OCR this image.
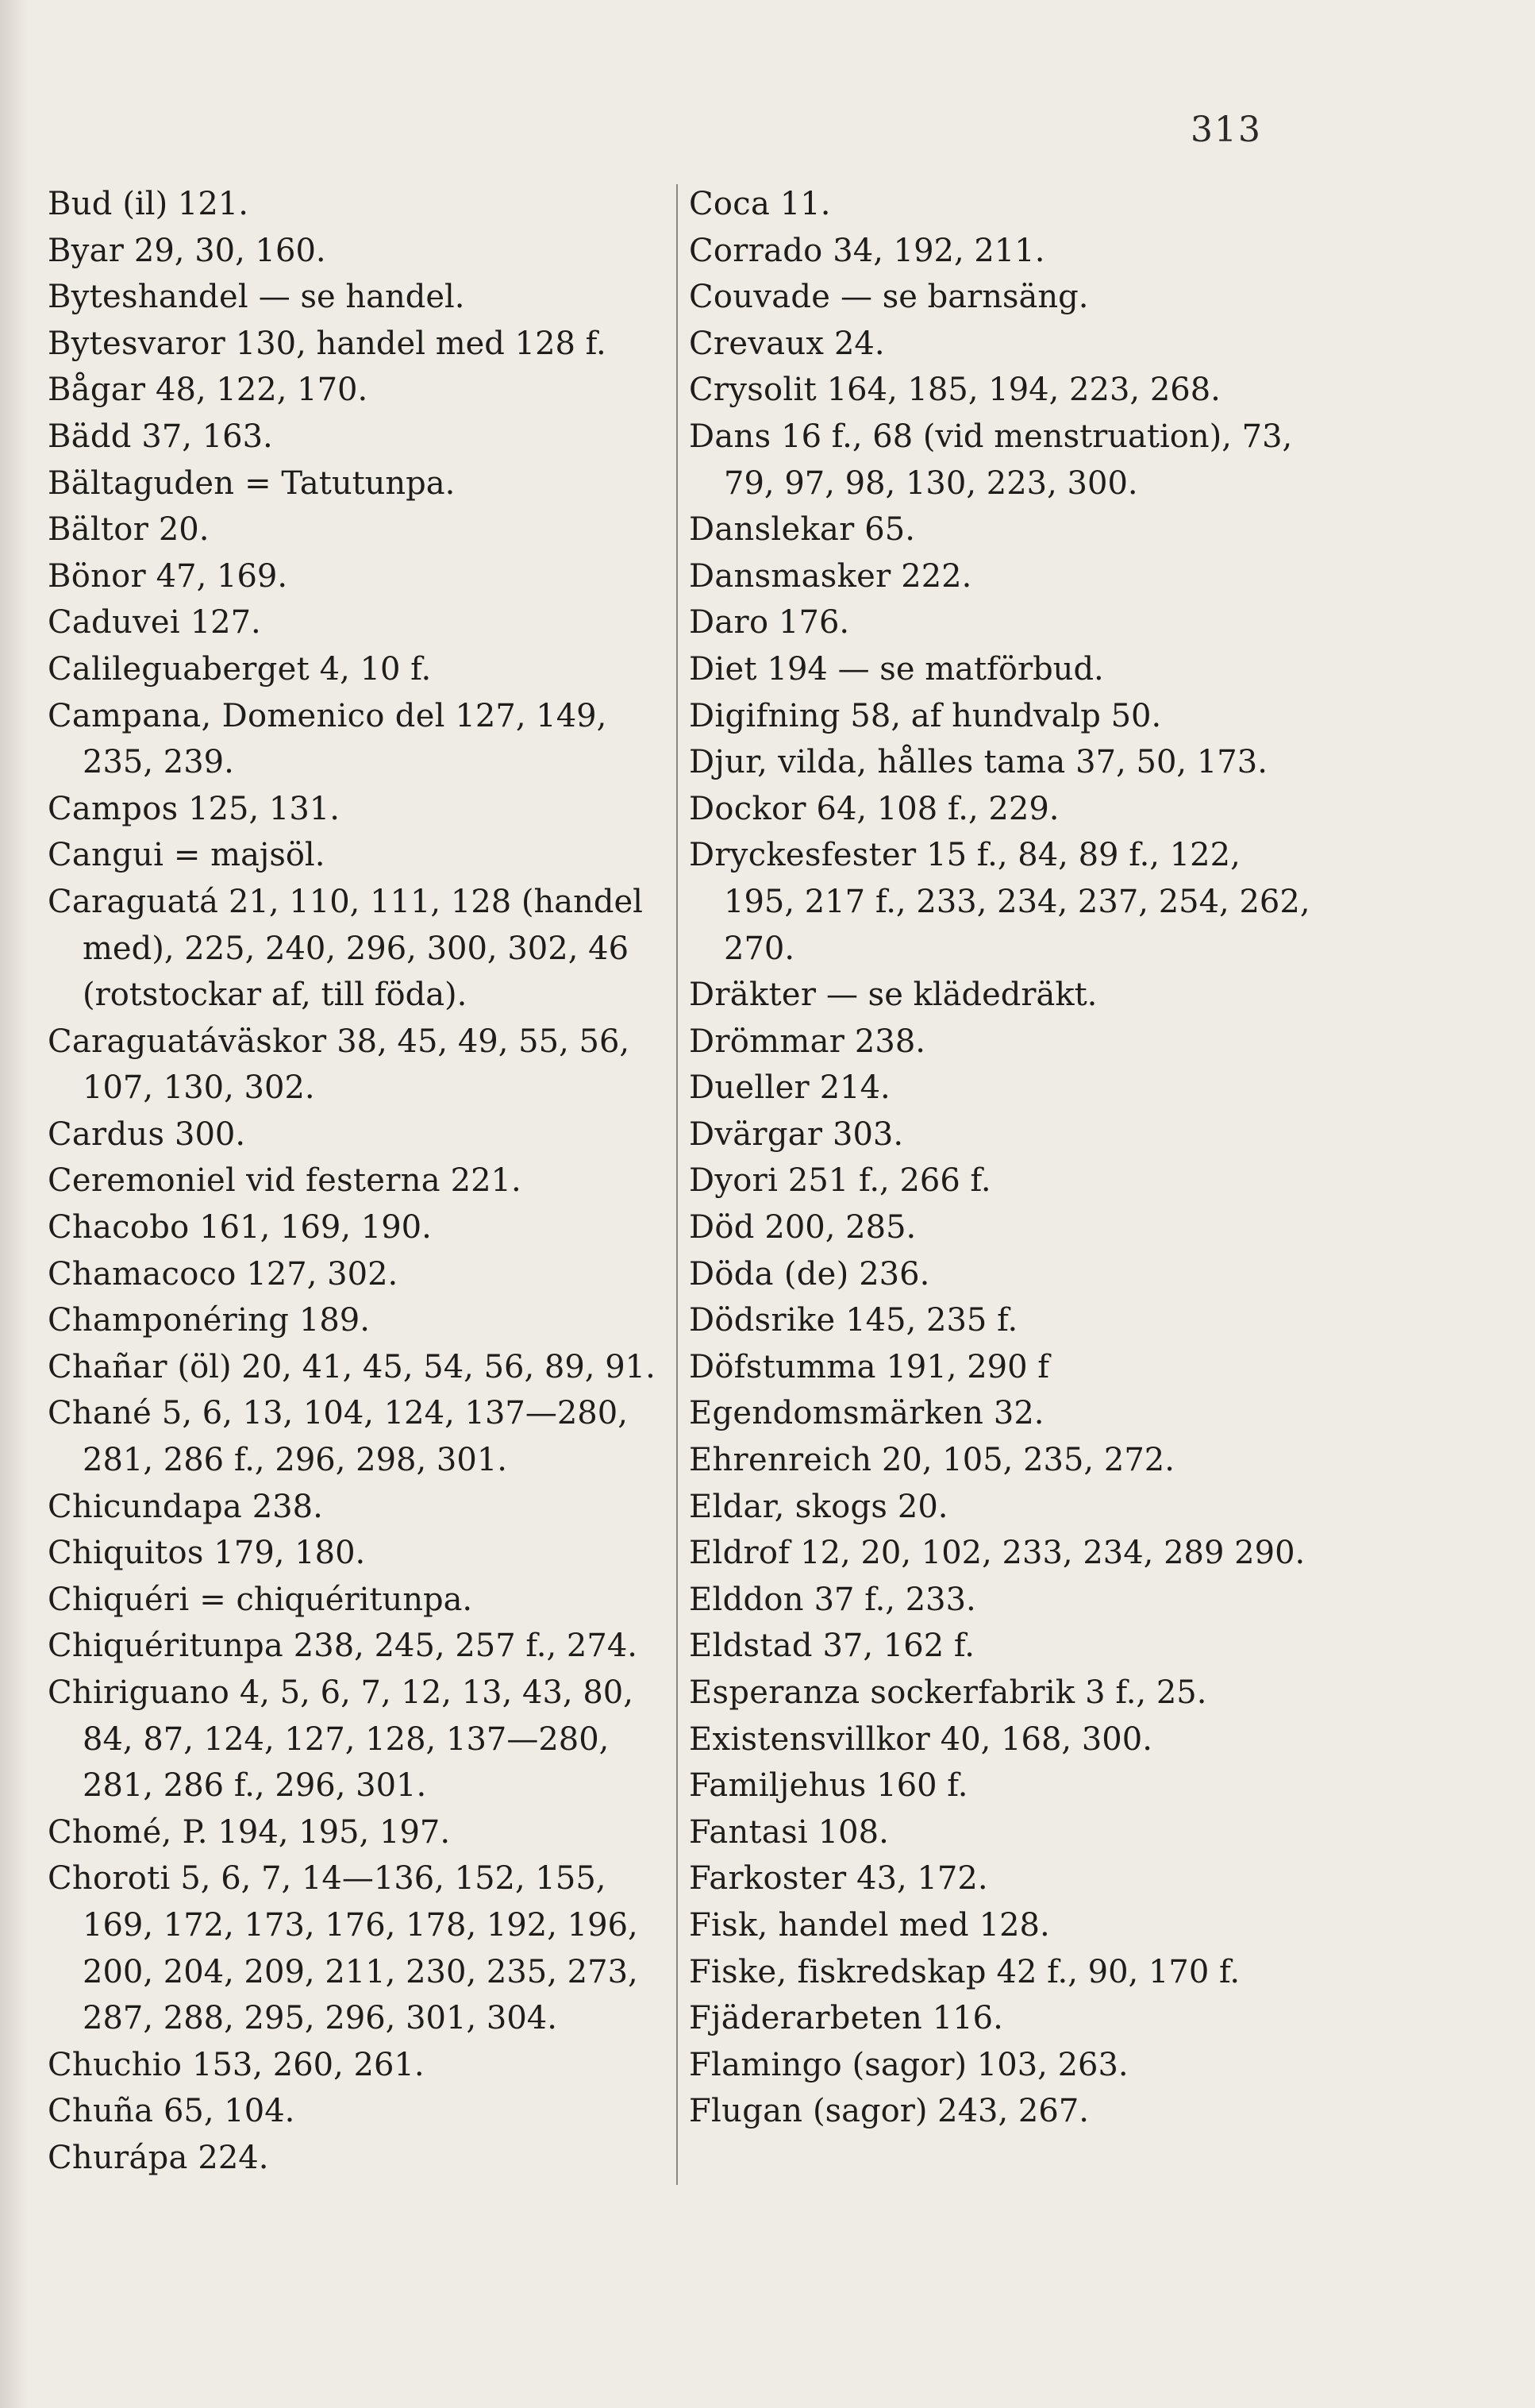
313
Bud (il) 121.
Byar 29, 30, 160.
Byteshandel — se handel.
Bytesvaror 130, handel med 128 f.
Bågar 48, 122, 170.
Bädd 37, 163.
Bältaguden = Tatutunpa.
Bältor 20.
Bönor 47, 169.
Caduvei 127.
Calileguaberget 4, 10 f.
Campana, Domenico del 127, 149, 235, 239.
Campos 125, 131.
Cangui = majsöl.
Caraguatá 21, 110, 111, 128 (handel med), 225, 240, 296, 300, 302, 46 (rotstockar af, till föda).
Caraguatáväskor 38, 45, 49, 55, 56, 107, 130, 302.
Cardus 300.
Ceremoniel vid festerna 221.
Chacobo 161, 169, 190.
Chamacoco 127, 302.
Champonéring 189.
Chañar (öl) 20, 41, 45, 54, 56, 89, 91.
Chané 5, 6, 13, 104, 124, 137—280, 281, 286 f., 296, 298, 301.
Chicundapa 238.
Chiquitos 179, 180.
Chiquéri = chiquéritunpa.
Chiquéritunpa 238, 245, 257 f., 274.
Chiriguano 4, 5, 6, 7, 12, 13, 43, 80, 84, 87, 124, 127, 128, 137—280, 281, 286 f., 296, 301.
Chomé, P. 194, 195, 197.
Choroti 5, 6, 7, 14—136, 152, 155, 169, 172, 173, 176, 178, 192, 196, 200, 204, 209, 211, 230, 235, 273, 287, 288, 295, 296, 301, 304.
Chuchio 153, 260, 261.
Chuña 65, 104.
Churápa 224.
Coca 11.
Corrado 34, 192, 211.
Couvade — se barnsäng.
Crevaux 24.
Crysolit 164, 185, 194, 223, 268.
Dans 16 f., 68 (vid menstruation), 73, 79, 97, 98, 130, 223, 300.
Danslekar 65.
Dansmasker 222.
Daro 176.
Diet 194 — se matförbud.
Digifning 58, af hundvalp 50.
Djur, vilda, hålles tama 37, 50, 173.
Dockor 64, 108 f., 229.
Dryckesfester 15 f., 84, 89 f., 122, 195, 217 f., 233, 234, 237, 254, 262, 270.
Dräkter — se klädedräkt.
Drömmar 238.
Dueller 214.
Dvärgar 303.
Dyori 251 f., 266 f.
Död 200, 285.
Döda (de) 236.
Dödsrike 145, 235 f.
Döfstumma 191, 290 f
Egendomsmärken 32.
Ehrenreich 20, 105, 235, 272.
Eldar, skogs 20.
Eldrof 12, 20, 102, 233, 234, 289 290.
Elddon 37 f., 233.
Eldstad 37, 162 f.
Esperanza sockerfabrik 3 f., 25.
Existensvillkor 40, 168, 300.
Familjehus 160 f.
Fantasi 108.
Farkoster 43, 172.
Fisk, handel med 128.
Fiske, fiskredskap 42 f., 90, 170 f.
Fjäderarbeten 116.
Flamingo (sagor) 103, 263.
Flugan (sagor) 243, 267.
